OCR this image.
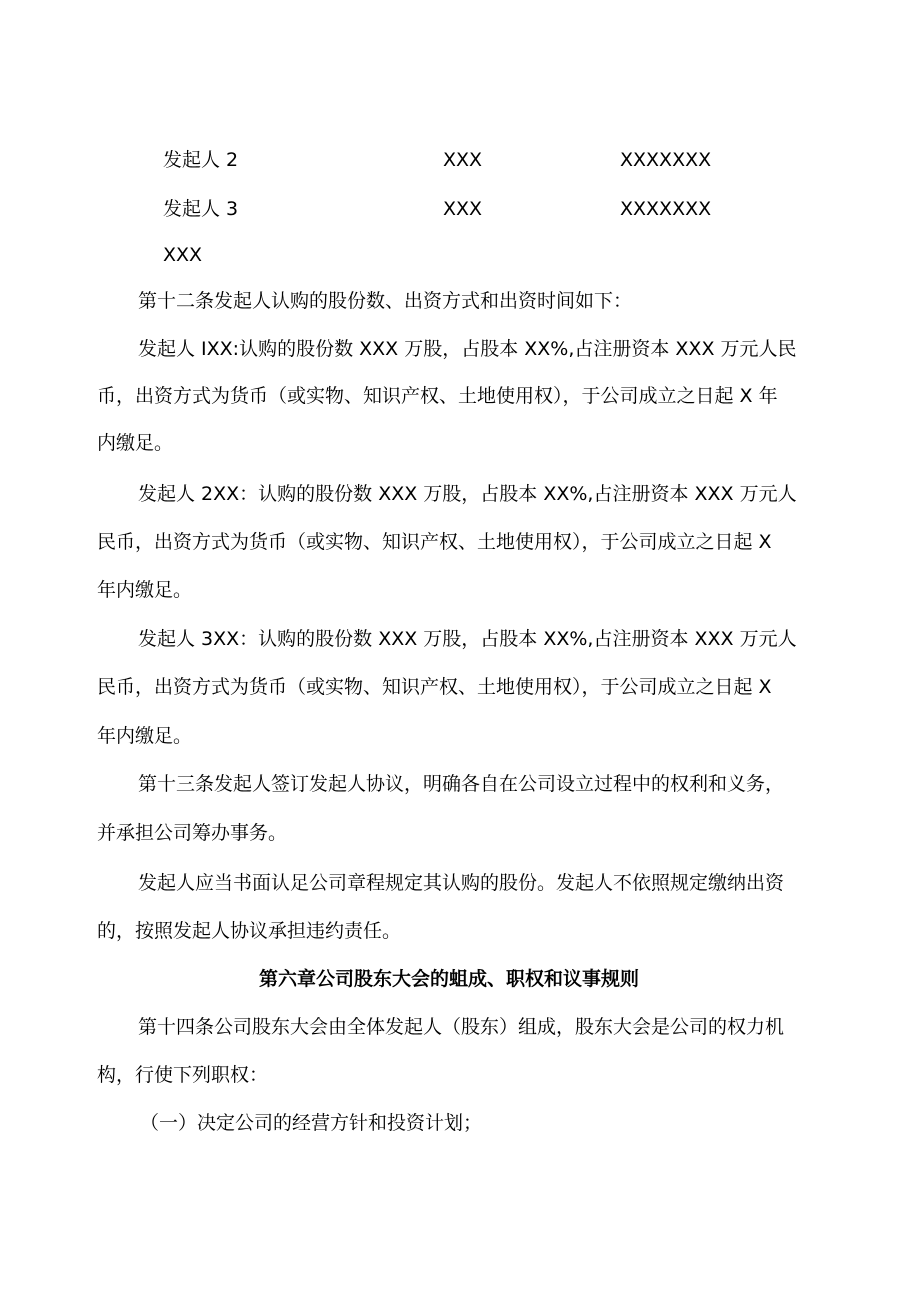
发起人 2	XXX	XXXXXXX
发起人 3	XXX	XXXXXXX
XXX
第十二条发起人认购的股份数、出资方式和出资时间如下：
发起人 IXX:认购的股份数 XXX 万股，占股本 XX%,占注册资本 XXX 万元人民
币，出资方式为货币（或实物、知识产权、土地使用权），于公司成立之日起 X 年
内缴足。
发起人 2XX：认购的股份数 XXX 万股，占股本 XX%,占注册资本 XXX 万元人
民币，出资方式为货币（或实物、知识产权、土地使用权），于公司成立之日起 X
年内缴足。
发起人 3XX：认购的股份数 XXX 万股，占股本 XX%,占注册资本 XXX 万元人
民币，出资方式为货币（或实物、知识产权、土地使用权），于公司成立之日起 X
年内缴足。
第十三条发起人签订发起人协议，明确各自在公司设立过程中的权利和义务，
并承担公司筹办事务。
发起人应当书面认足公司章程规定其认购的股份。发起人不依照规定缴纳出资
的，按照发起人协议承担违约责任。
第六章公司股东大会的蛆成、职权和议事规则
第十四条公司股东大会由全体发起人（股东）组成，股东大会是公司的权力机
构，行使下列职权：
（一）决定公司的经营方针和投资计划；
